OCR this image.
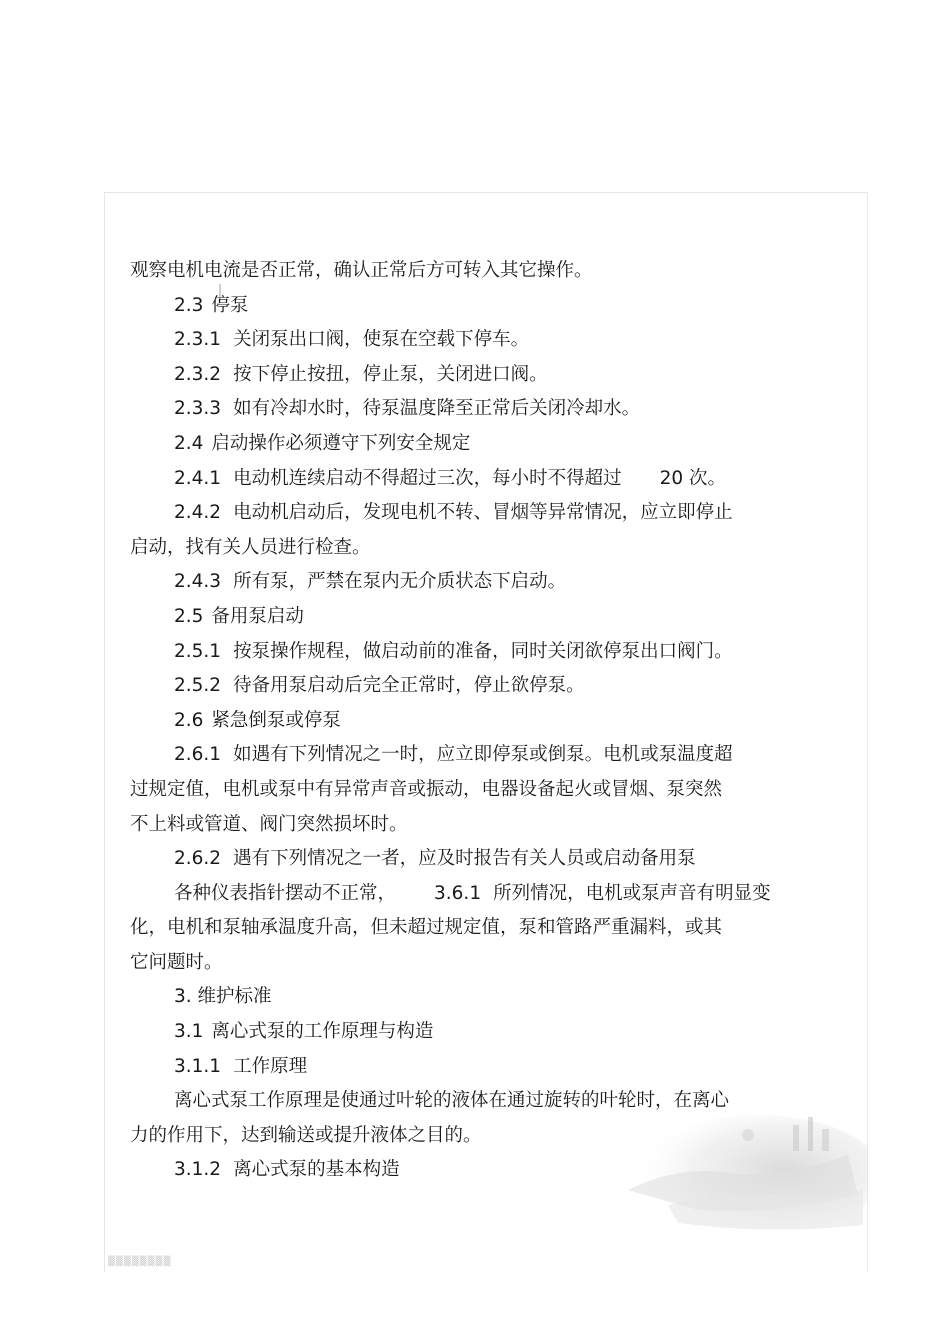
▒▒▒▒▒▒▒▒
观察电机电流是否正常，确认正常后方可转入其它操作。
2.3 停泵
2.3.1 关闭泵出口阀，使泵在空载下停车。
2.3.2 按下停止按扭，停止泵，关闭进口阀。
2.3.3 如有冷却水时，待泵温度降至正常后关闭冷却水。
2.4 启动操作必须遵守下列安全规定
2.4.1 电动机连续启动不得超过三次，每小时不得超过 20 次。
2.4.2 电动机启动后，发现电机不转、冒烟等异常情况，应立即停止
启动，找有关人员进行检查。
2.4.3 所有泵，严禁在泵内无介质状态下启动。
2.5 备用泵启动
2.5.1 按泵操作规程，做启动前的准备，同时关闭欲停泵出口阀门。
2.5.2 待备用泵启动后完全正常时，停止欲停泵。
2.6 紧急倒泵或停泵
2.6.1 如遇有下列情况之一时，应立即停泵或倒泵。电机或泵温度超
过规定值，电机或泵中有异常声音或振动，电器设备起火或冒烟、泵突然
不上料或管道、阀门突然损坏时。
2.6.2 遇有下列情况之一者，应及时报告有关人员或启动备用泵
各种仪表指针摆动不正常， 3.6.1 所列情况，电机或泵声音有明显变
化，电机和泵轴承温度升高，但未超过规定值，泵和管路严重漏料，或其
它问题时。
3. 维护标准
3.1 离心式泵的工作原理与构造
3.1.1 工作原理
离心式泵工作原理是使通过叶轮的液体在通过旋转的叶轮时，在离心
力的作用下，达到输送或提升液体之目的。
3.1.2 离心式泵的基本构造
